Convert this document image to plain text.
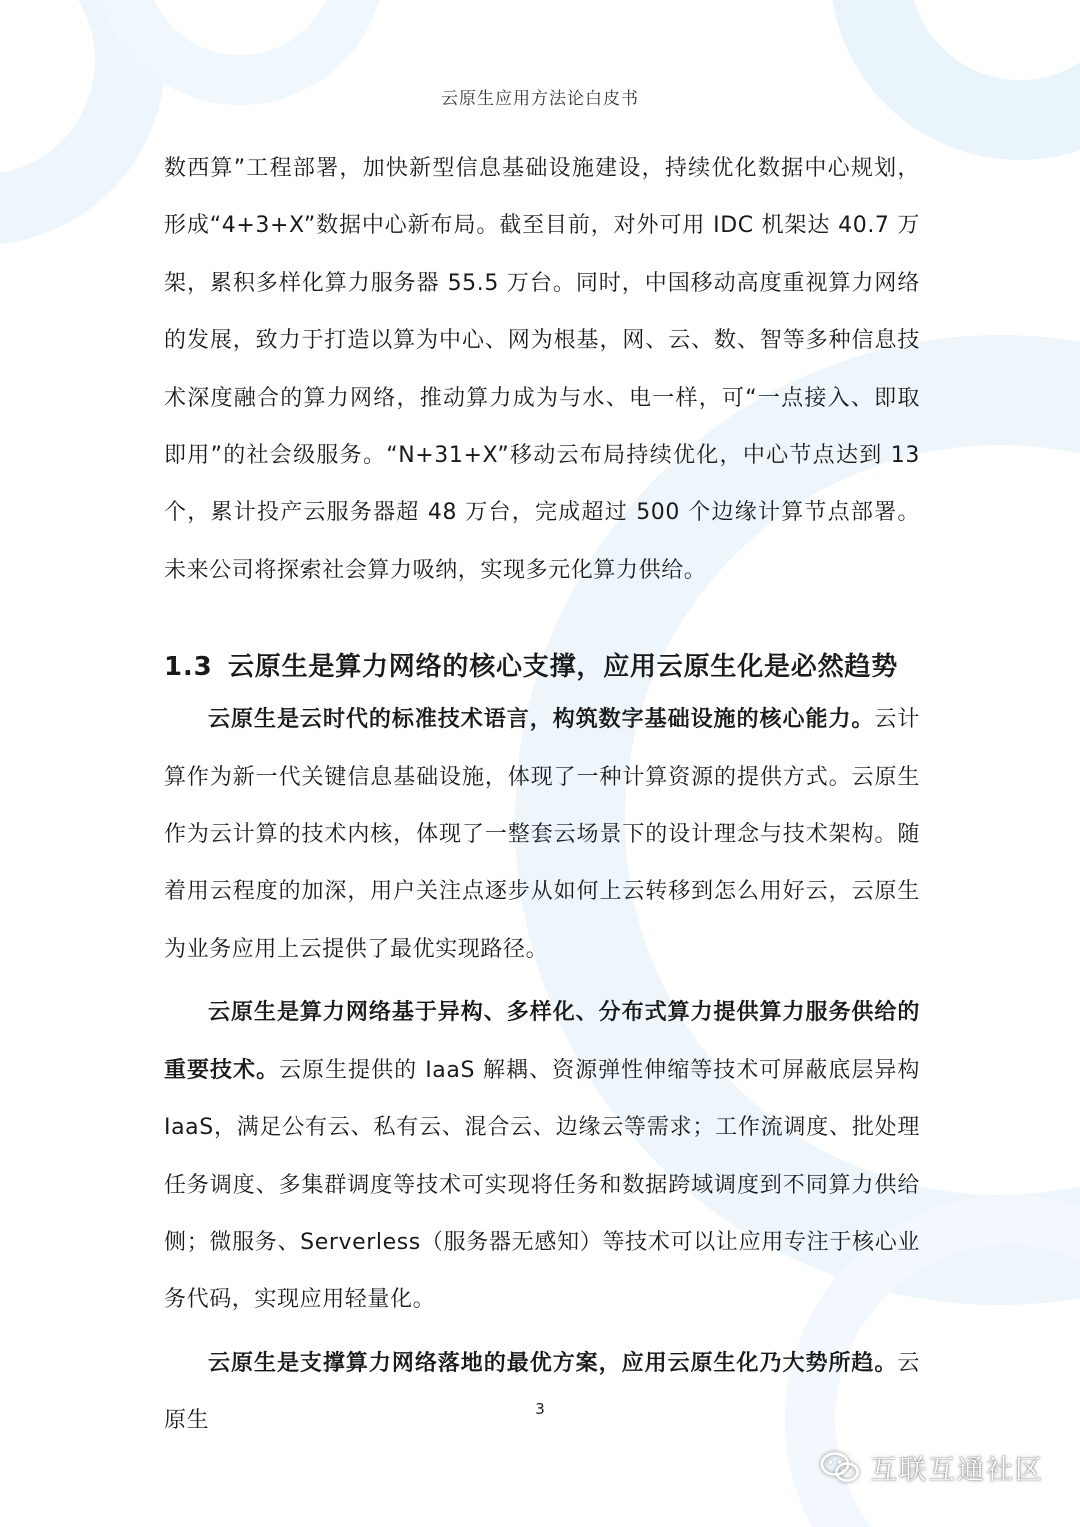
云原生应用方法论白皮书

数西算”工程部署，加快新型信息基础设施建设，持续优化数据中心规划，形成“4+3+X”数据中心新布局。截至目前，对外可用 IDC 机架达 40.7 万架，累积多样化算力服务器 55.5 万台。同时，中国移动高度重视算力网络的发展，致力于打造以算为中心、网为根基，网、云、数、智等多种信息技术深度融合的算力网络，推动算力成为与水、电一样，可“一点接入、即取即用”的社会级服务。“N+31+X”移动云布局持续优化，中心节点达到 13 个，累计投产云服务器超 48 万台，完成超过 500 个边缘计算节点部署。未来公司将探索社会算力吸纳，实现多元化算力供给。

1.3 云原生是算力网络的核心支撑，应用云原生化是必然趋势

云原生是云时代的标准技术语言，构筑数字基础设施的核心能力。云计算作为新一代关键信息基础设施，体现了一种计算资源的提供方式。云原生作为云计算的技术内核，体现了一整套云场景下的设计理念与技术架构。随着用云程度的加深，用户关注点逐步从如何上云转移到怎么用好云，云原生为业务应用上云提供了最优实现路径。

云原生是算力网络基于异构、多样化、分布式算力提供算力服务供给的重要技术。云原生提供的 IaaS 解耦、资源弹性伸缩等技术可屏蔽底层异构 IaaS，满足公有云、私有云、混合云、边缘云等需求；工作流调度、批处理任务调度、多集群调度等技术可实现将任务和数据跨域调度到不同算力供给侧；微服务、Serverless（服务器无感知）等技术可以让应用专注于核心业务代码，实现应用轻量化。

云原生是支撑算力网络落地的最优方案，应用云原生化乃大势所趋。云原生	3
互联互通社区
